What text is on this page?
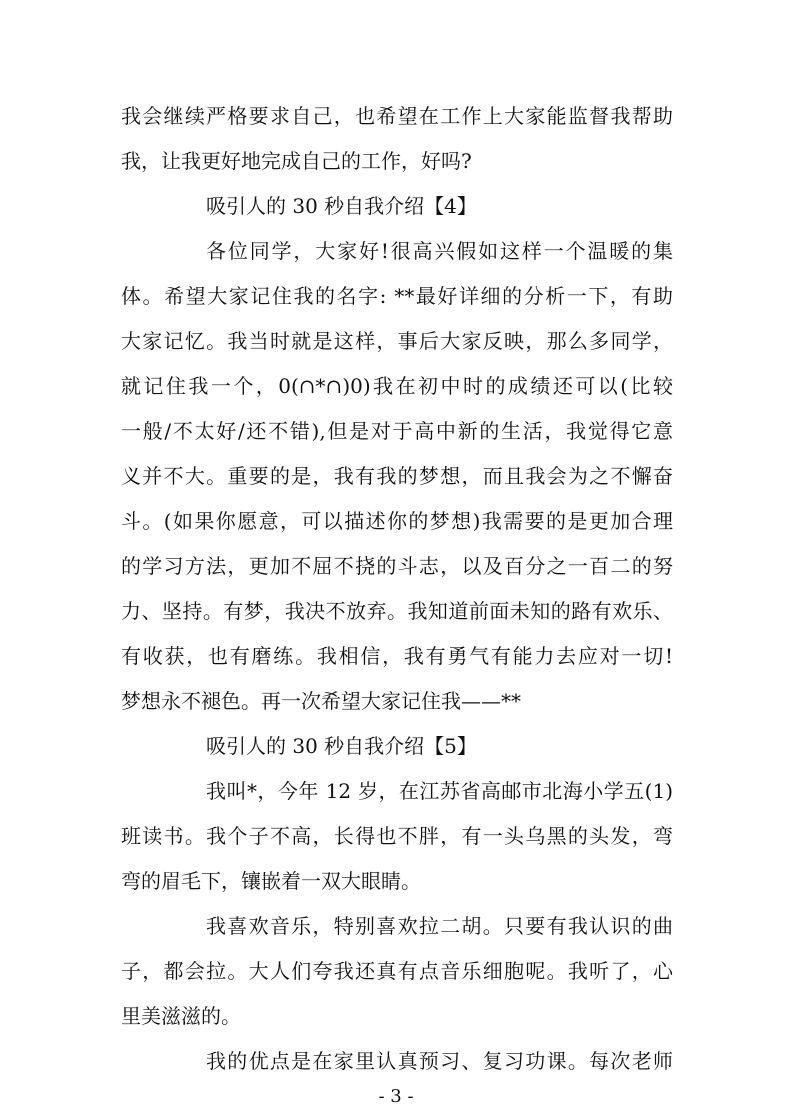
我会继续严格要求自己，也希望在工作上大家能监督我帮助
我，让我更好地完成自己的工作，好吗?
吸引人的 30 秒自我介绍【4】
各位同学，大家好!很高兴假如这样一个温暖的集
体。希望大家记住我的名字: **最好详细的分析一下，有助
大家记忆。我当时就是这样，事后大家反映，那么多同学，
就记住我一个，0(∩*∩)0)我在初中时的成绩还可以(比较
一般/不太好/还不错),但是对于高中新的生活，我觉得它意
义并不大。重要的是，我有我的梦想，而且我会为之不懈奋
斗。(如果你愿意，可以描述你的梦想)我需要的是更加合理
的学习方法，更加不屈不挠的斗志，以及百分之一百二的努
力、坚持。有梦，我决不放弃。我知道前面未知的路有欢乐、
有收获，也有磨练。我相信，我有勇气有能力去应对一切!
梦想永不褪色。再一次希望大家记住我——**
吸引人的 30 秒自我介绍【5】
我叫*，今年 12 岁，在江苏省高邮市北海小学五(1)
班读书。我个子不高，长得也不胖，有一头乌黑的头发，弯
弯的眉毛下，镶嵌着一双大眼睛。
我喜欢音乐，特别喜欢拉二胡。只要有我认识的曲
子，都会拉。大人们夸我还真有点音乐细胞呢。我听了，心
里美滋滋的。
我的优点是在家里认真预习、复习功课。每次老师
- 3 -
